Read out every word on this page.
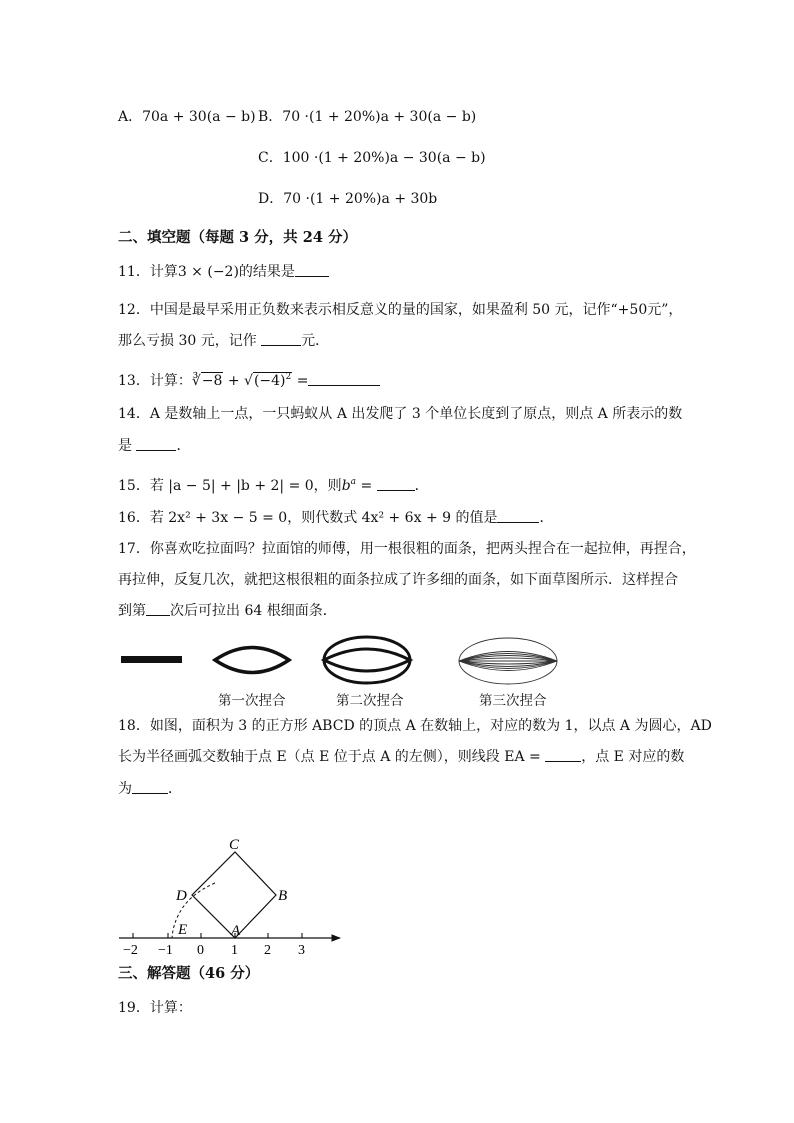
A．70a + 30(a − b) B．70 ·(1 + 20%)a + 30(a − b)
C．100 ·(1 + 20%)a − 30(a − b)
D．70 ·(1 + 20%)a + 30b
二、填空题（每题 3 分，共 24 分）
11．计算3 × (−2)的结果是
12．中国是最早采用正负数来表示相反意义的量的国家，如果盈利 50 元，记作“+50元”，
那么亏损 30 元，记作	元．
13．计算：∛−8 + $√(-4)^2$ =
14．A 是数轴上一点，一只蚂蚁从 A 出发爬了 3 个单位长度到了原点，则点 A 所表示的数
是	．
15．若 |a − 5| + |b + 2| = 0，则$b^a$ =	．
16．若 2x² + 3x − 5 = 0，则代数式 4x² + 6x + 9 的值是	．
17．你喜欢吃拉面吗？拉面馆的师傅，用一根很粗的面条，把两头捏合在一起拉伸，再捏合，
再拉伸，反复几次，就把这根很粗的面条拉成了许多细的面条，如下面草图所示．这样捏合
到第 次后可拉出 64 根细面条．
第一次捏合	第二次捏合	第三次捏合
18．如图，面积为 3 的正方形 ABCD 的顶点 A 在数轴上，对应的数为 1，以点 A 为圆心，AD
长为半径画弧交数轴于点 E（点 E 位于点 A 的左侧），则线段 EA =	，点 E 对应的数
为	．
C
D	B
E	A
−2 −1 0 1 2 3
三、解答题（46 分）
19．计算：
